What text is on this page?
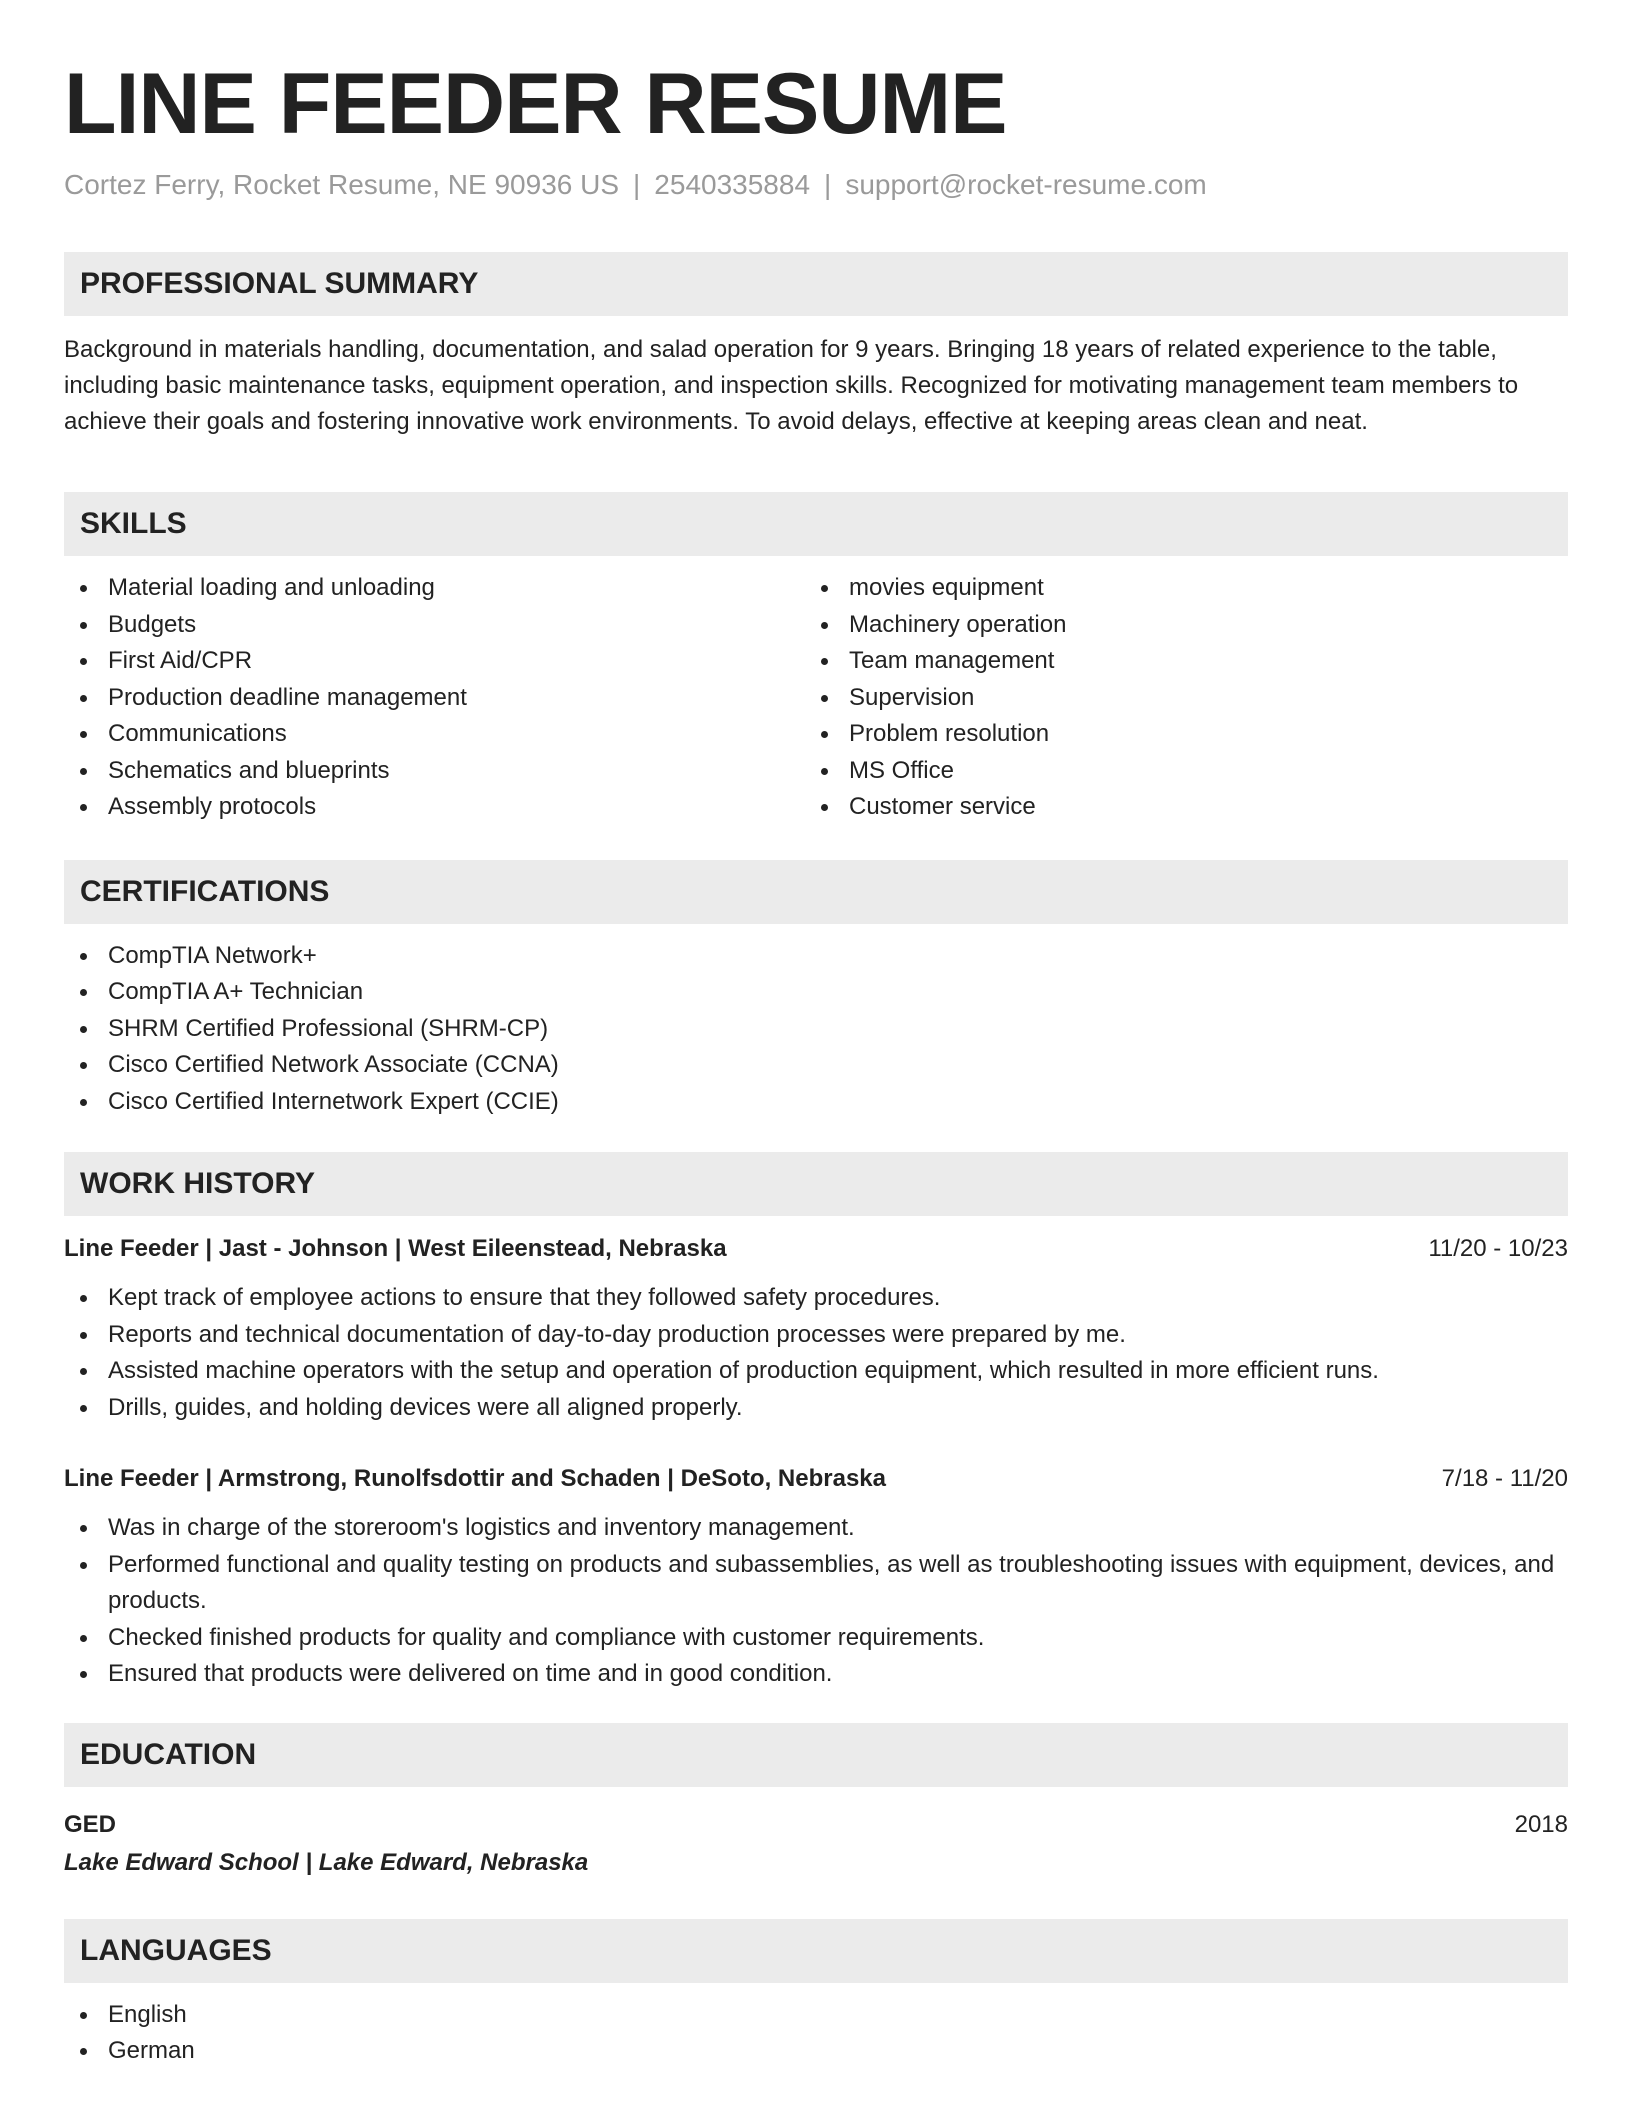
LINE FEEDER RESUME
Cortez Ferry, Rocket Resume, NE 90936 US | 2540335884 | support@rocket-resume.com
PROFESSIONAL SUMMARY
Background in materials handling, documentation, and salad operation for 9 years. Bringing 18 years of related experience to the table, including basic maintenance tasks, equipment operation, and inspection skills. Recognized for motivating management team members to achieve their goals and fostering innovative work environments. To avoid delays, effective at keeping areas clean and neat.
SKILLS
Material loading and unloading
Budgets
First Aid/CPR
Production deadline management
Communications
Schematics and blueprints
Assembly protocols
movies equipment
Machinery operation
Team management
Supervision
Problem resolution
MS Office
Customer service
CERTIFICATIONS
CompTIA Network+
CompTIA A+ Technician
SHRM Certified Professional (SHRM-CP)
Cisco Certified Network Associate (CCNA)
Cisco Certified Internetwork Expert (CCIE)
WORK HISTORY
Line Feeder | Jast - Johnson | West Eileenstead, Nebraska	11/20 - 10/23
Kept track of employee actions to ensure that they followed safety procedures.
Reports and technical documentation of day-to-day production processes were prepared by me.
Assisted machine operators with the setup and operation of production equipment, which resulted in more efficient runs.
Drills, guides, and holding devices were all aligned properly.
Line Feeder | Armstrong, Runolfsdottir and Schaden | DeSoto, Nebraska	7/18 - 11/20
Was in charge of the storeroom's logistics and inventory management.
Performed functional and quality testing on products and subassemblies, as well as troubleshooting issues with equipment, devices, and products.
Checked finished products for quality and compliance with customer requirements.
Ensured that products were delivered on time and in good condition.
EDUCATION
GED	2018
Lake Edward School | Lake Edward, Nebraska
LANGUAGES
English
German
